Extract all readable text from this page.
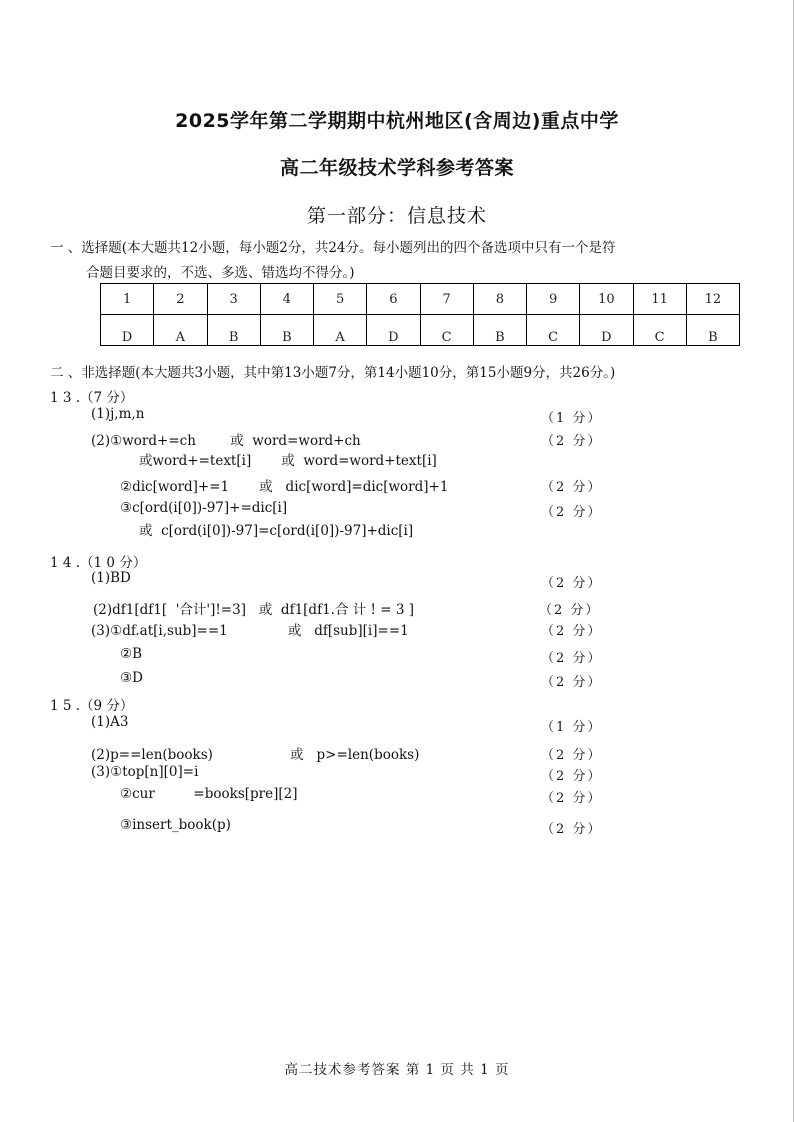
2025学年第二学期期中杭州地区(含周边)重点中学
高二年级技术学科参考答案
第一部分：信息技术
一 、选择题(本大题共12小题，每小题2分，共24分。每小题列出的四个备选项中只有一个是符
合题目要求的，不选、多选、错选均不得分。)
1	2	3	4	5	6	7	8	9	10	11	12
D	A	B	B	A	D	C	B	C	D	C	B
二 、非选择题(本大题共3小题，其中第13小题7分，第14小题10分，第15小题9分，共26分。)
1 3 .（7 分）
(1)j,m,n	（1 分）
(2)①word+=ch        或  word=word+ch	（2 分）
或word+=text[i]       或  word=word+text[i]
②dic[word]+=1       或   dic[word]=dic[word]+1	（2 分）
③c[ord(i[0])-97]+=dic[i]	（2 分）
或  c[ord(i[0])-97]=c[ord(i[0])-97]+dic[i]
1 4 .（1 0 分）
(1)BD	（2 分）
(2)df1[df1[  '合计']!=3]   或  df1[df1.合 计 ! = 3 ]	（2 分）
(3)①df.at[i,sub]==1              或   df[sub][i]==1	（2 分）
②B	（2 分）
③D	（2 分）
1 5 .（9 分）
(1)A3	（1 分）
(2)p==len(books)                  或   p>=len(books)	（2 分）
(3)①top[n][0]=i	（2 分）
②cur         =books[pre][2]	（2 分）
③insert_book(p)	（2 分）
高二技术参考答案 第 1 页 共 1 页
